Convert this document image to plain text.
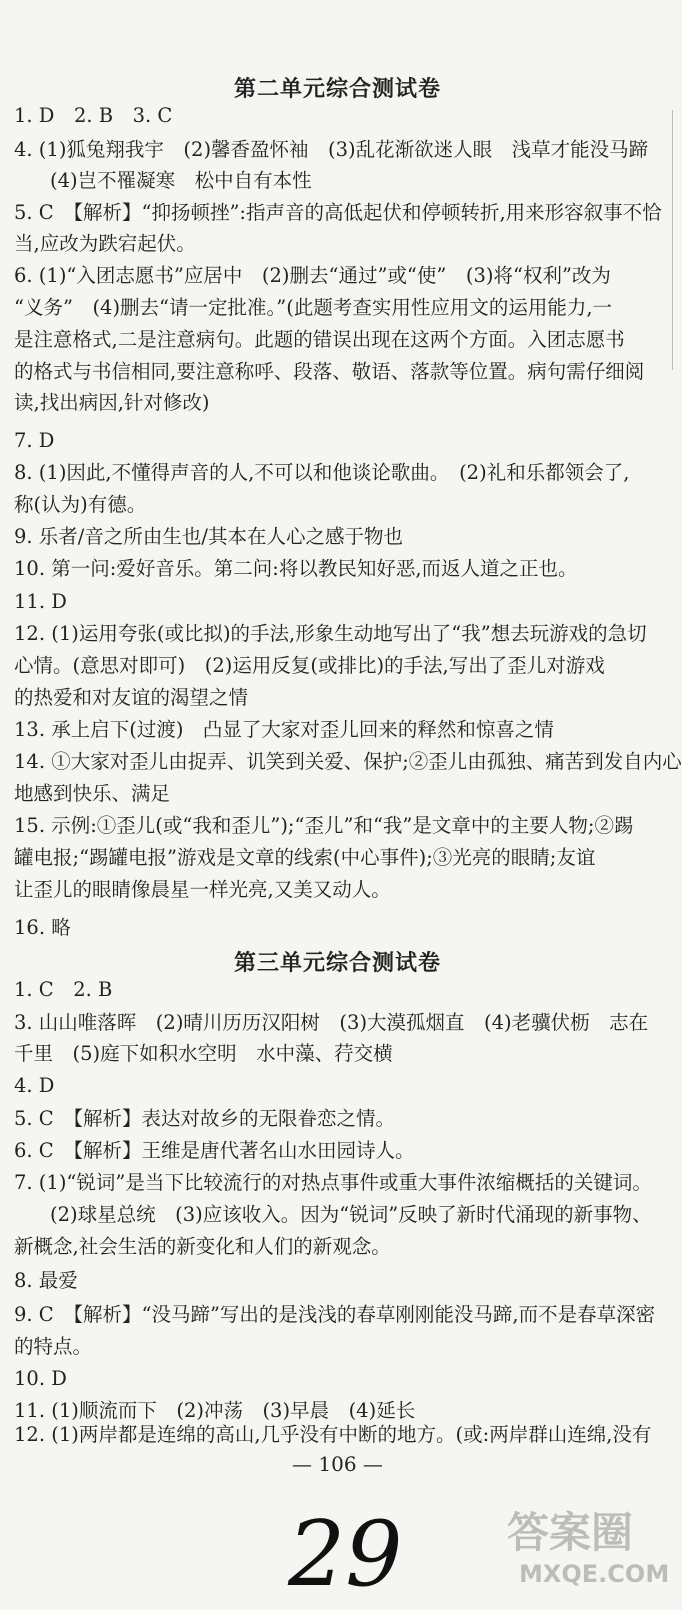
第二单元综合测试卷
1. D　2. B　3. C
4. (1)狐兔翔我宇　(2)馨香盈怀袖　(3)乱花渐欲迷人眼　浅草才能没马蹄
(4)岂不罹凝寒　松中自有本性
5. C　【解析】“抑扬顿挫”:指声音的高低起伏和停顿转折,用来形容叙事不恰
当,应改为跌宕起伏。
6. (1)“入团志愿书”应居中　(2)删去“通过”或“使”　(3)将“权利”改为
“义务”　(4)删去“请一定批准。”(此题考查实用性应用文的运用能力,一
是注意格式,二是注意病句。此题的错误出现在这两个方面。入团志愿书
的格式与书信相同,要注意称呼、段落、敬语、落款等位置。病句需仔细阅
读,找出病因,针对修改)
7. D
8. (1)因此,不懂得声音的人,不可以和他谈论歌曲。　(2)礼和乐都领会了,
称(认为)有德。
9. 乐者/音之所由生也/其本在人心之感于物也
10. 第一问:爱好音乐。第二问:将以教民知好恶,而返人道之正也。
11. D
12. (1)运用夸张(或比拟)的手法,形象生动地写出了“我”想去玩游戏的急切
心情。(意思对即可)　(2)运用反复(或排比)的手法,写出了歪儿对游戏
的热爱和对友谊的渴望之情
13. 承上启下(过渡)　凸显了大家对歪儿回来的释然和惊喜之情
14. ①大家对歪儿由捉弄、讥笑到关爱、保护;②歪儿由孤独、痛苦到发自内心
地感到快乐、满足
15. 示例:①歪儿(或“我和歪儿”);“歪儿”和“我”是文章中的主要人物;②踢
罐电报;“踢罐电报”游戏是文章的线索(中心事件);③光亮的眼睛;友谊
让歪儿的眼睛像晨星一样光亮,又美又动人。
16. 略
第三单元综合测试卷
1. C　2. B
3. 山山唯落晖　(2)晴川历历汉阳树　(3)大漠孤烟直　(4)老骥伏枥　志在
千里　(5)庭下如积水空明　水中藻、荇交横
4. D
5. C　【解析】表达对故乡的无限眷恋之情。
6. C　【解析】王维是唐代著名山水田园诗人。
7. (1)“锐词”是当下比较流行的对热点事件或重大事件浓缩概括的关键词。
(2)球星总统　(3)应该收入。因为“锐词”反映了新时代涌现的新事物、
新概念,社会生活的新变化和人们的新观念。
8. 最爱
9. C　【解析】“没马蹄”写出的是浅浅的春草刚刚能没马蹄,而不是春草深密
的特点。
10. D
11. (1)顺流而下　(2)冲荡　(3)早晨　(4)延长
12. (1)两岸都是连绵的高山,几乎没有中断的地方。(或:两岸群山连绵,没有
— 106 —
29 答案圈
MXQE.COM
